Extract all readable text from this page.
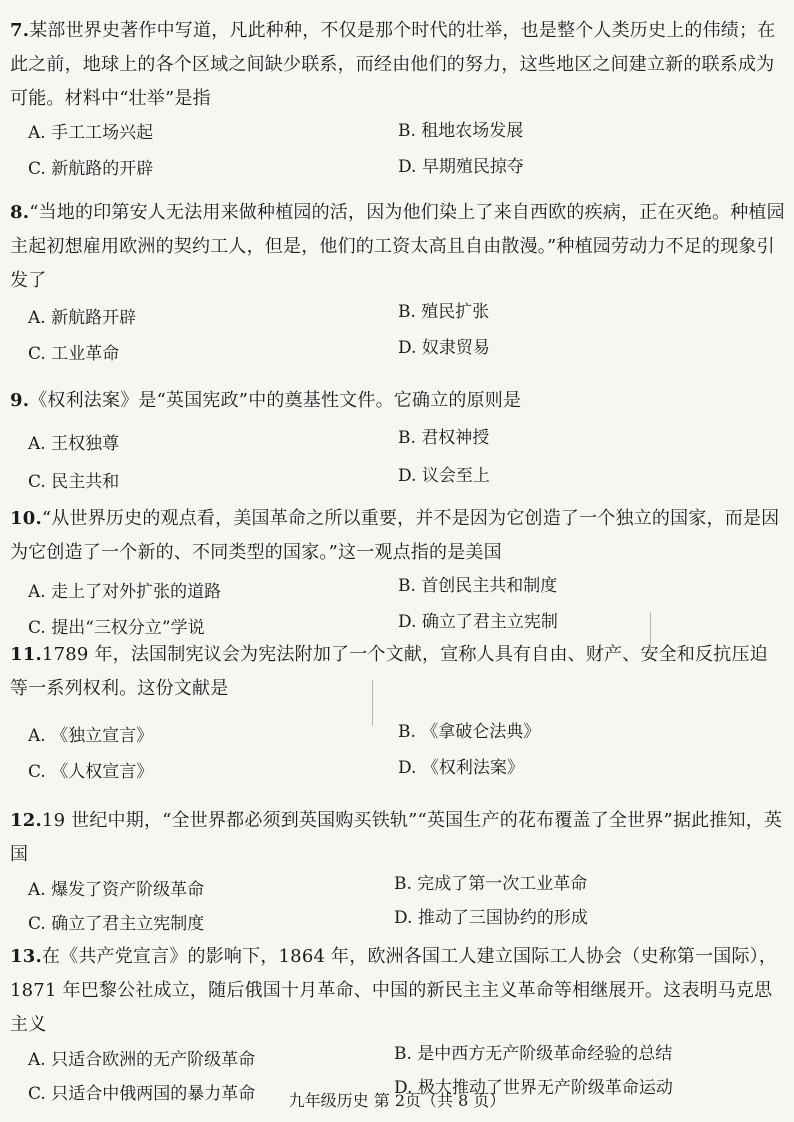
7.某部世界史著作中写道，凡此种种，不仅是那个时代的壮举，也是整个人类历史上的伟绩；在此之前，地球上的各个区域之间缺少联系，而经由他们的努力，这些地区之间建立新的联系成为可能。材料中“壮举”是指

A. 手工工场兴起	B. 租地农场发展
C. 新航路的开辟	D. 早期殖民掠夺

8.“当地的印第安人无法用来做种植园的活，因为他们染上了来自西欧的疾病，正在灭绝。种植园主起初想雇用欧洲的契约工人，但是，他们的工资太高且自由散漫。”种植园劳动力不足的现象引发了

A. 新航路开辟	B. 殖民扩张
C. 工业革命	D. 奴隶贸易

9.《权利法案》是“英国宪政”中的奠基性文件。它确立的原则是

A. 王权独尊	B. 君权神授
C. 民主共和	D. 议会至上

10.“从世界历史的观点看，美国革命之所以重要，并不是因为它创造了一个独立的国家，而是因为它创造了一个新的、不同类型的国家。”这一观点指的是美国

A. 走上了对外扩张的道路	B. 首创民主共和制度
C. 提出“三权分立”学说	D. 确立了君主立宪制

11.1789 年，法国制宪议会为宪法附加了一个文献，宣称人具有自由、财产、安全和反抗压迫等一系列权利。这份文献是

A. 《独立宣言》	B. 《拿破仑法典》
C. 《人权宣言》	D. 《权利法案》

12.19 世纪中期，“全世界都必须到英国购买铁轨”“英国生产的花布覆盖了全世界”据此推知，英国

A. 爆发了资产阶级革命	B. 完成了第一次工业革命
C. 确立了君主立宪制度	D. 推动了三国协约的形成

13.在《共产党宣言》的影响下，1864 年，欧洲各国工人建立国际工人协会（史称第一国际），1871 年巴黎公社成立，随后俄国十月革命、中国的新民主主义革命等相继展开。这表明马克思主义

A. 只适合欧洲的无产阶级革命	B. 是中西方无产阶级革命经验的总结
C. 只适合中俄两国的暴力革命	D. 极大推动了世界无产阶级革命运动
九年级历史 第 2页（共 8 页）
